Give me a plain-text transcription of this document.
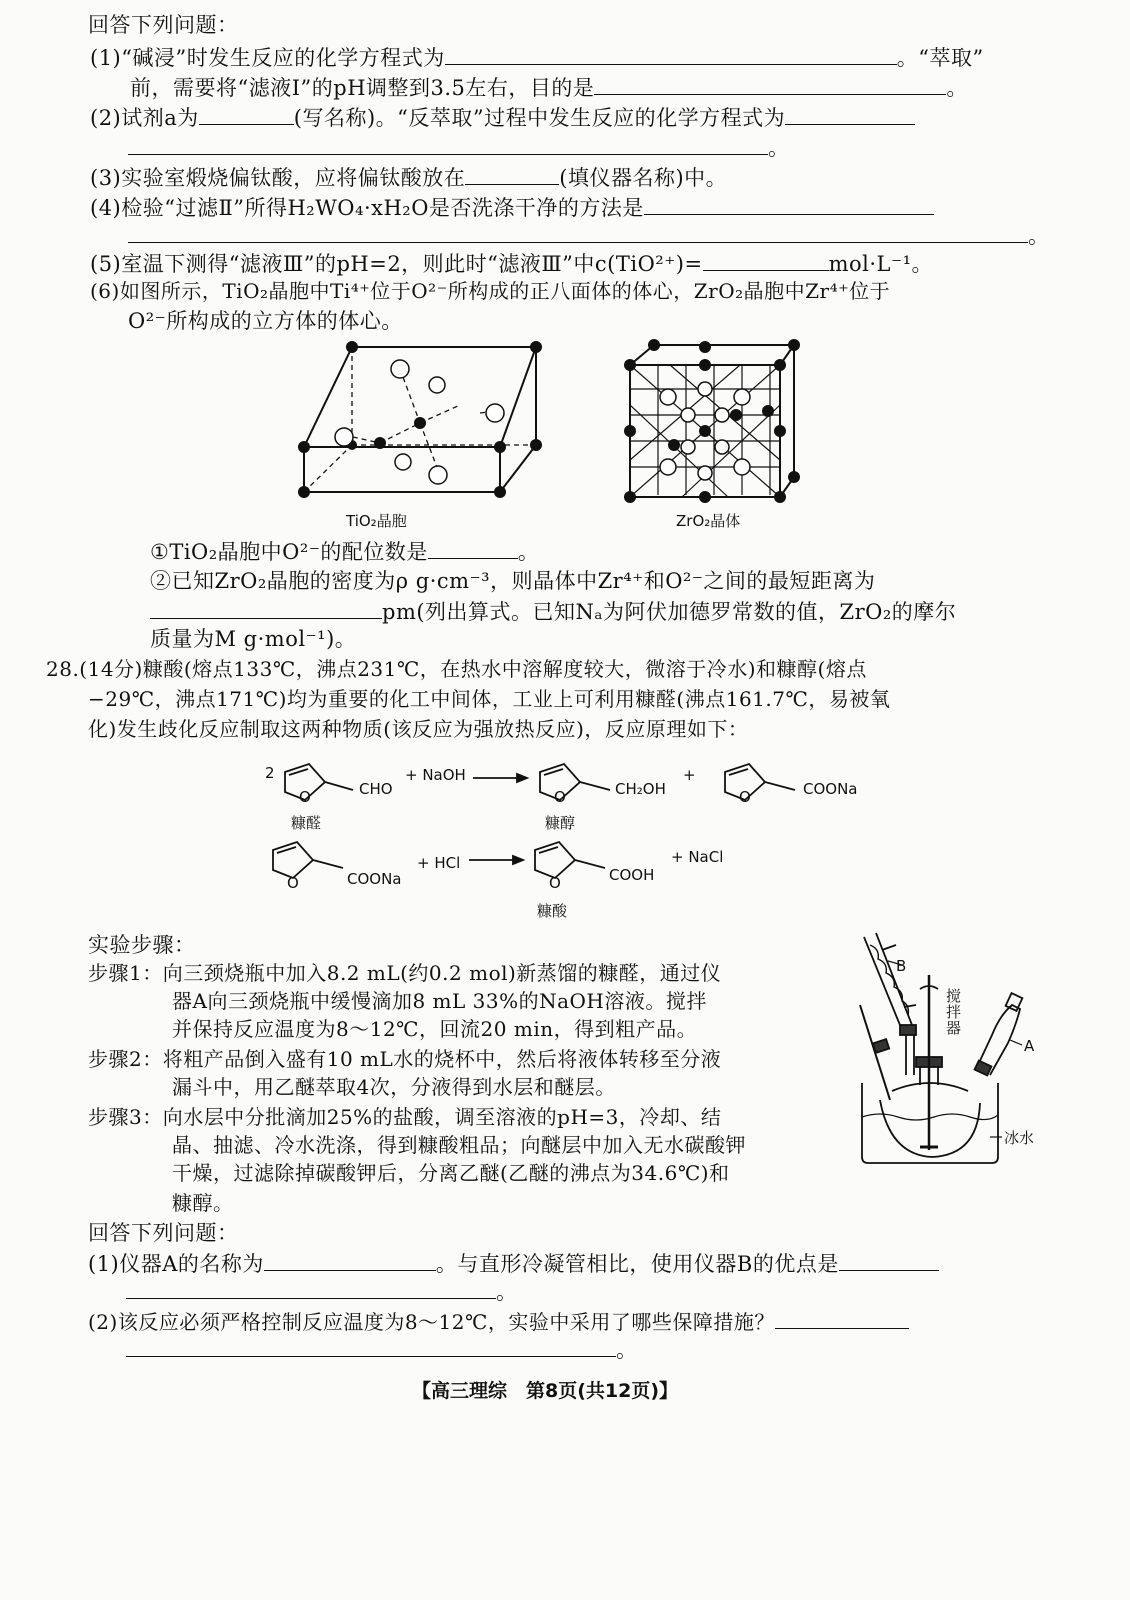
回答下列问题：
(1)“碱浸”时发生反应的化学方程式为	。“萃取”
前，需要将“滤液Ⅰ”的pH调整到3.5左右，目的是	。
(2)试剂a为	(写名称)。“反萃取”过程中发生反应的化学方程式为
。
(3)实验室煅烧偏钛酸，应将偏钛酸放在	(填仪器名称)中。
(4)检验“过滤Ⅱ”所得H₂WO₄·xH₂O是否洗涤干净的方法是
。
(5)室温下测得“滤液Ⅲ”的pH=2，则此时“滤液Ⅲ”中c(TiO²⁺)=	mol·L⁻¹。
(6)如图所示，TiO₂晶胞中Ti⁴⁺位于O²⁻所构成的正八面体的体心，ZrO₂晶胞中Zr⁴⁺位于
O²⁻所构成的立方体的体心。
TiO₂晶胞	ZrO₂晶体
①TiO₂晶胞中O²⁻的配位数是	。
②已知ZrO₂晶胞的密度为ρ g·cm⁻³，则晶体中Zr⁴⁺和O²⁻之间的最短距离为
pm(列出算式。已知Nₐ为阿伏加德罗常数的值，ZrO₂的摩尔
质量为M g·mol⁻¹)。
28.(14分)糠酸(熔点133℃，沸点231℃，在热水中溶解度较大，微溶于冷水)和糠醇(熔点
−29℃，沸点171℃)均为重要的化工中间体，工业上可利用糠醛(沸点161.7℃，易被氧
化)发生歧化反应制取这两种物质(该反应为强放热反应)，反应原理如下：
2
O	CHO
+ NaOH
O	CH₂OH
+
O	COONa
O	COONa
+ HCl
O	COOH
+ NaCl
糠醛	糠醇
糠酸
实验步骤：
步骤1：向三颈烧瓶中加入8.2 mL(约0.2 mol)新蒸馏的糠醛，通过仪
器A向三颈烧瓶中缓慢滴加8 mL 33%的NaOH溶液。搅拌
并保持反应温度为8～12℃，回流20 min，得到粗产品。
步骤2：将粗产品倒入盛有10 mL水的烧杯中，然后将液体转移至分液
漏斗中，用乙醚萃取4次，分液得到水层和醚层。
步骤3：向水层中分批滴加25%的盐酸，调至溶液的pH=3，冷却、结
晶、抽滤、冷水洗涤，得到糠酸粗品；向醚层中加入无水碳酸钾
干燥，过滤除掉碳酸钾后，分离乙醚(乙醚的沸点为34.6℃)和
糠醇。
B
搅
拌
器
A
冰水
回答下列问题：
(1)仪器A的名称为	。与直形冷凝管相比，使用仪器B的优点是
。
(2)该反应必须严格控制反应温度为8～12℃，实验中采用了哪些保障措施？
。
【高三理综　第8页(共12页)】
